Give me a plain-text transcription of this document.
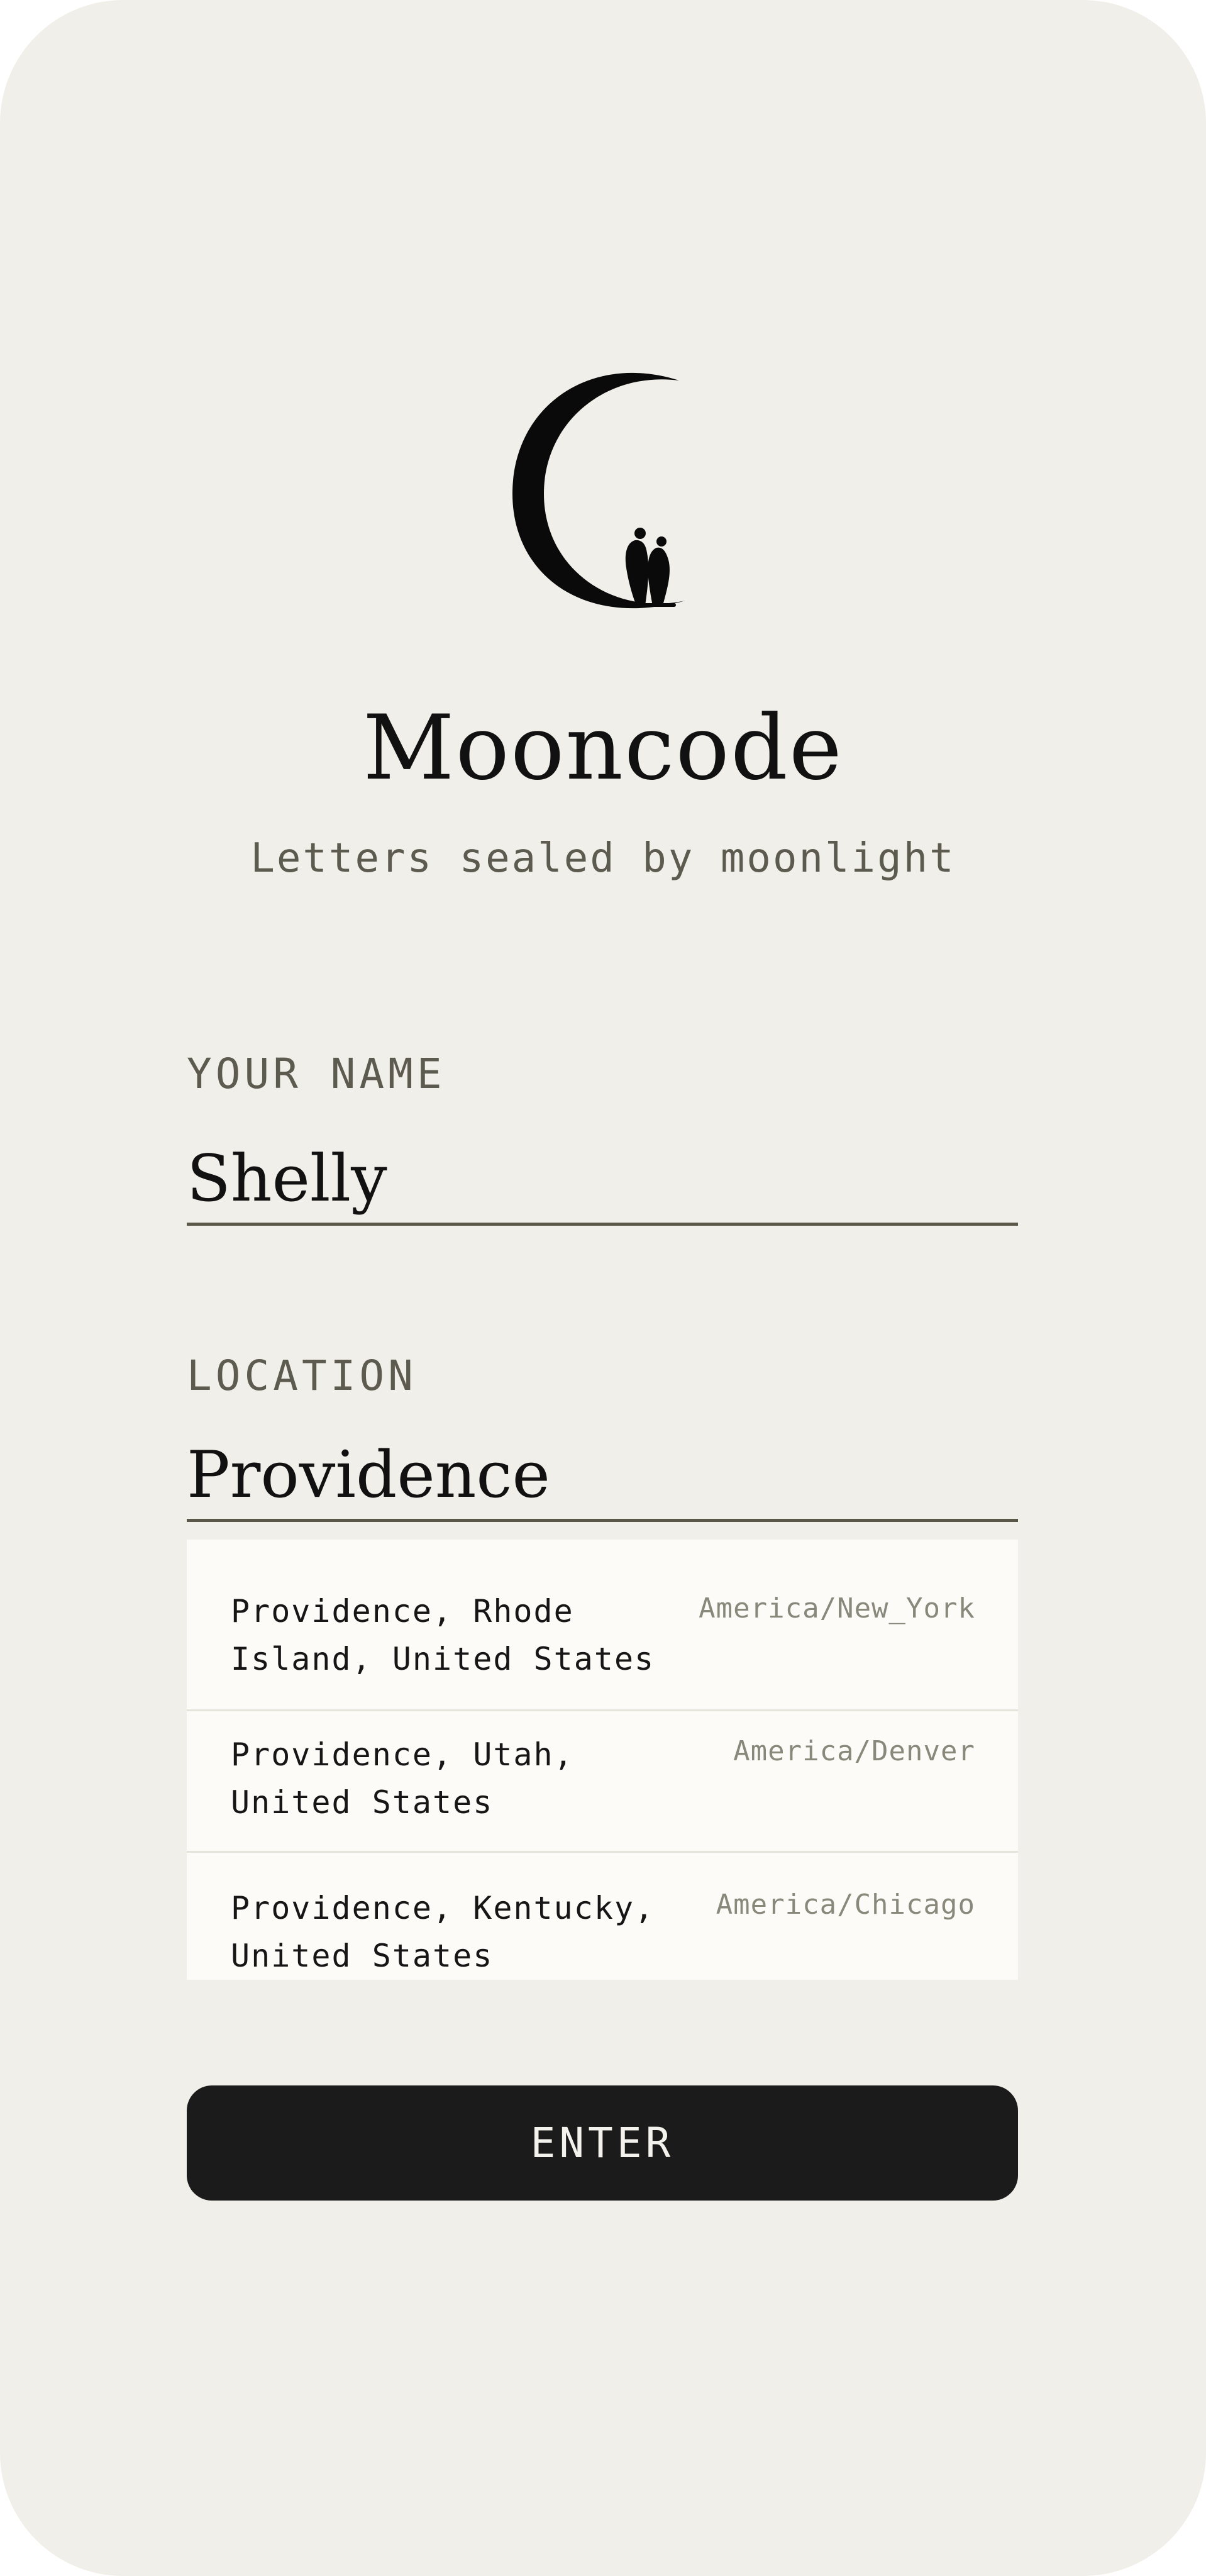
Mooncode
Letters sealed by moonlight
YOUR NAME
Shelly
LOCATION
Providence
Providence, Rhode Island, United States
America/New_York
Providence, Utah, United States
America/Denver
Providence, Kentucky, United States
America/Chicago
ENTER
